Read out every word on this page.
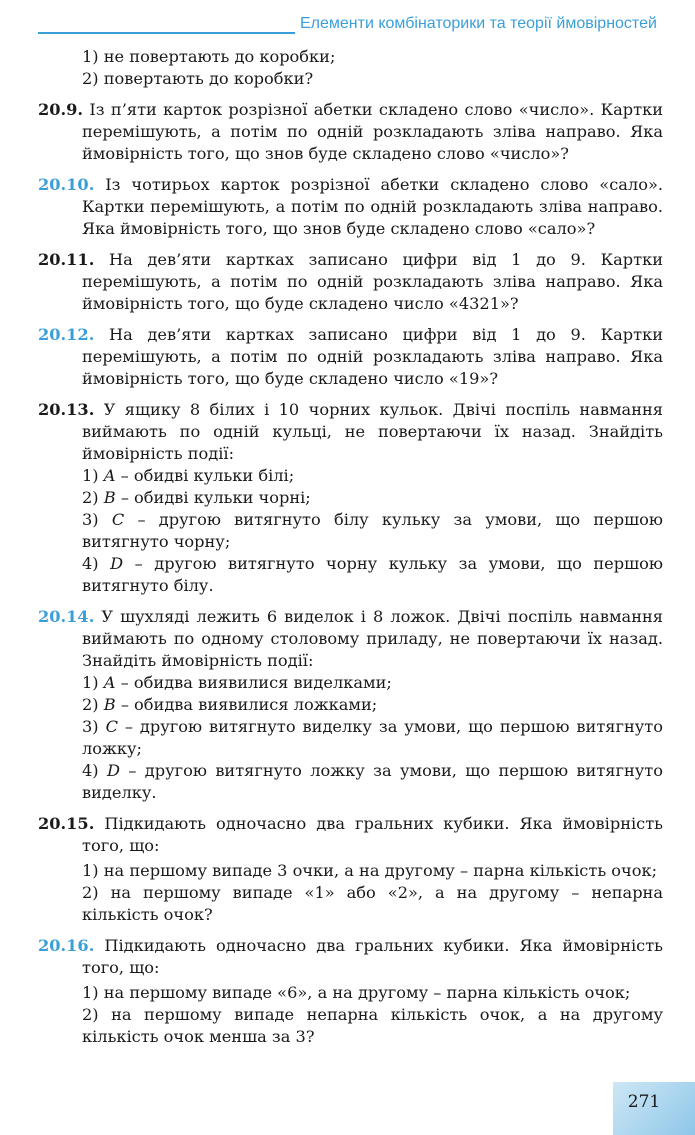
Елементи комбінаторики та теорії ймовірностей

1) не повертають до коробки;

2) повертають до коробки?

20.9. Із п’яти карток розрізної абетки складено слово «число». Картки перемішують, а потім по одній розкладають зліва направо. Яка ймовірність того, що знов буде складено слово «число»?

20.10. Із чотирьох карток розрізної абетки складено слово «сало». Картки перемішують, а потім по одній розкладають зліва направо. Яка ймовірність того, що знов буде складено слово «сало»?

20.11. На дев’яти картках записано цифри від 1 до 9. Картки перемішують, а потім по одній розкладають зліва направо. Яка ймовірність того, що буде складено число «4321»?

20.12. На дев’яти картках записано цифри від 1 до 9. Картки перемішують, а потім по одній розкладають зліва направо. Яка ймовірність того, що буде складено число «19»?

20.13. У ящику 8 білих і 10 чорних кульок. Двічі поспіль навмання виймають по одній кульці, не повертаючи їх назад. Знайдіть ймовірність події:

1) A – обидві кульки білі;

2) B – обидві кульки чорні;

3) C – другою витягнуто білу кульку за умови, що першою витягнуто чорну;

4) D – другою витягнуто чорну кульку за умови, що першою витягнуто білу.

20.14. У шухляді лежить 6 виделок і 8 ложок. Двічі поспіль навмання виймають по одному столовому приладу, не повертаючи їх назад. Знайдіть ймовірність події:

1) A – обидва виявилися виделками;

2) B – обидва виявилися ложками;

3) C – другою витягнуто виделку за умови, що першою витягнуто ложку;

4) D – другою витягнуто ложку за умови, що першою витягнуто виделку.

20.15. Підкидають одночасно два гральних кубики. Яка ймовірність того, що:

1) на першому випаде 3 очки, а на другому – парна кількість очок;

2) на першому випаде «1» або «2», а на другому – непарна кількість очок?

20.16. Підкидають одночасно два гральних кубики. Яка ймовірність того, що:

1) на першому випаде «6», а на другому – парна кількість очок;

2) на першому випаде непарна кількість очок, а на другому кількість очок менша за 3?

271
